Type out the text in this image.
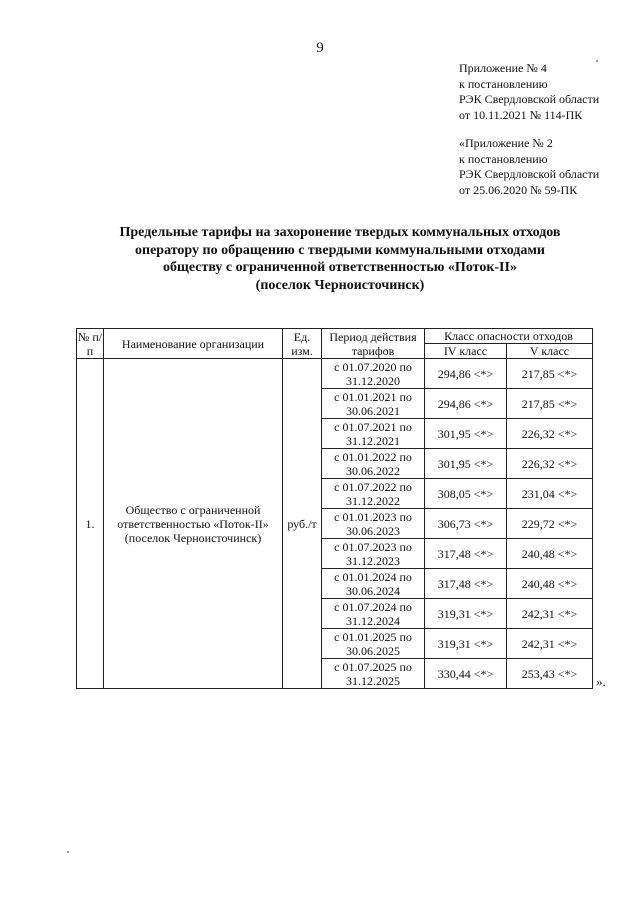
9
Приложение № 4
к постановлению
РЭК Свердловской области
от 10.11.2021 № 114-ПК
«Приложение № 2
к постановлению
РЭК Свердловской области
от 25.06.2020 № 59-ПК
Предельные тарифы на захоронение твердых коммунальных отходов
оператору по обращению с твердыми коммунальными отходами
обществу с ограниченной ответственностью «Поток-II»
(поселок Черноисточинск)
№ п/п	Наименование организации	Ед. изм.	Период действия тарифов	Класс опасности отходов	
				IV класс	V класс
1.	Общество с ограниченной ответственностью «Поток-II» (поселок Черноисточинск)	руб./т	с 01.07.2020 по 31.12.2020	294,86 <*>	217,85 <*>
			с 01.01.2021 по 30.06.2021	294,86 <*>	217,85 <*>
			с 01.07.2021 по 31.12.2021	301,95 <*>	226,32 <*>
			с 01.01.2022 по 30.06.2022	301,95 <*>	226,32 <*>
			с 01.07.2022 по 31.12.2022	308,05 <*>	231,04 <*>
			с 01.01.2023 по 30.06.2023	306,73 <*>	229,72 <*>
			с 01.07.2023 по 31.12.2023	317,48 <*>	240,48 <*>
			с 01.01.2024 по 30.06.2024	317,48 <*>	240,48 <*>
			с 01.07.2024 по 31.12.2024	319,31 <*>	242,31 <*>
			с 01.01.2025 по 30.06.2025	319,31 <*>	242,31 <*>
			с 01.07.2025 по 31.12.2025	330,44 <*>	253,43 <*>
».
